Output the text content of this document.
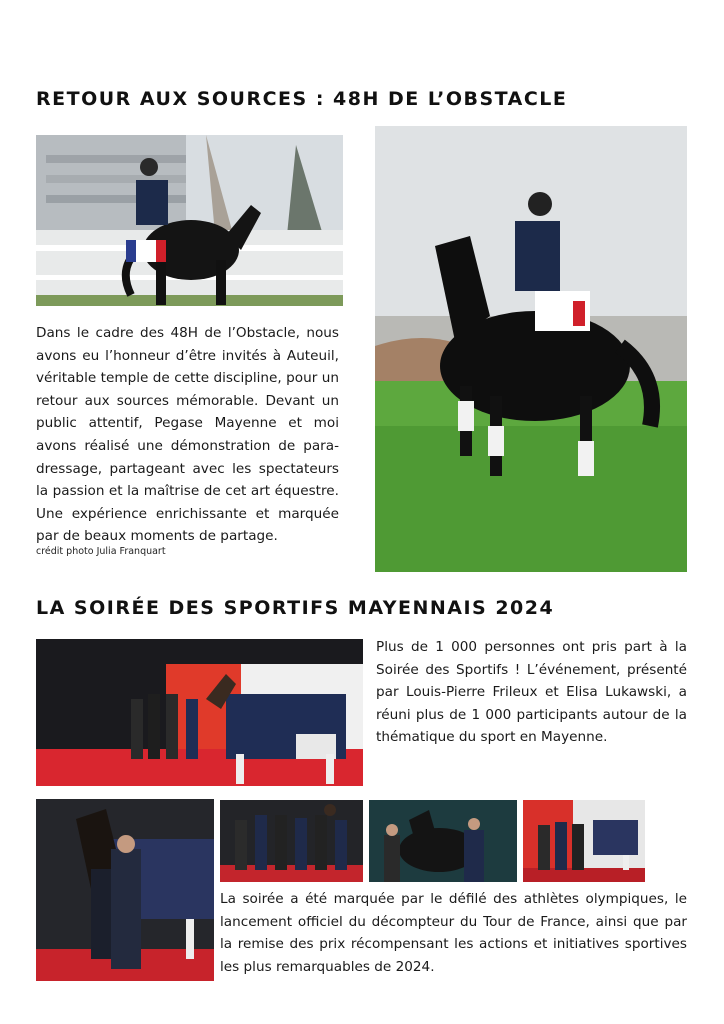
RETOUR AUX SOURCES : 48H DE L’OBSTACLE

Dans le cadre des 48H de l’Obstacle, nous avons eu l’honneur d’être invités à Auteuil, véritable temple de cette discipline, pour un retour aux sources mémorable. Devant un public attentif, Pegase Mayenne et moi avons réalisé une démonstration de para-dressage, partageant avec les spectateurs la passion et la maîtrise de cet art équestre. Une expérience enrichissante et marquée par de beaux moments de partage.

crédit photo Julia Franquart
LA SOIRÉE DES SPORTIFS MAYENNAIS 2024

Plus de 1 000 personnes ont pris part à la Soirée des Sportifs ! L’événement, présenté par Louis-Pierre Frileux et Elisa Lukawski, a réuni plus de 1 000 participants autour de la thématique du sport en Mayenne.

La soirée a été marquée par le défilé des athlètes olympiques, le lancement officiel du décompteur du Tour de France, ainsi que par la remise des prix récompensant les actions et initiatives sportives les plus remarquables de 2024.
